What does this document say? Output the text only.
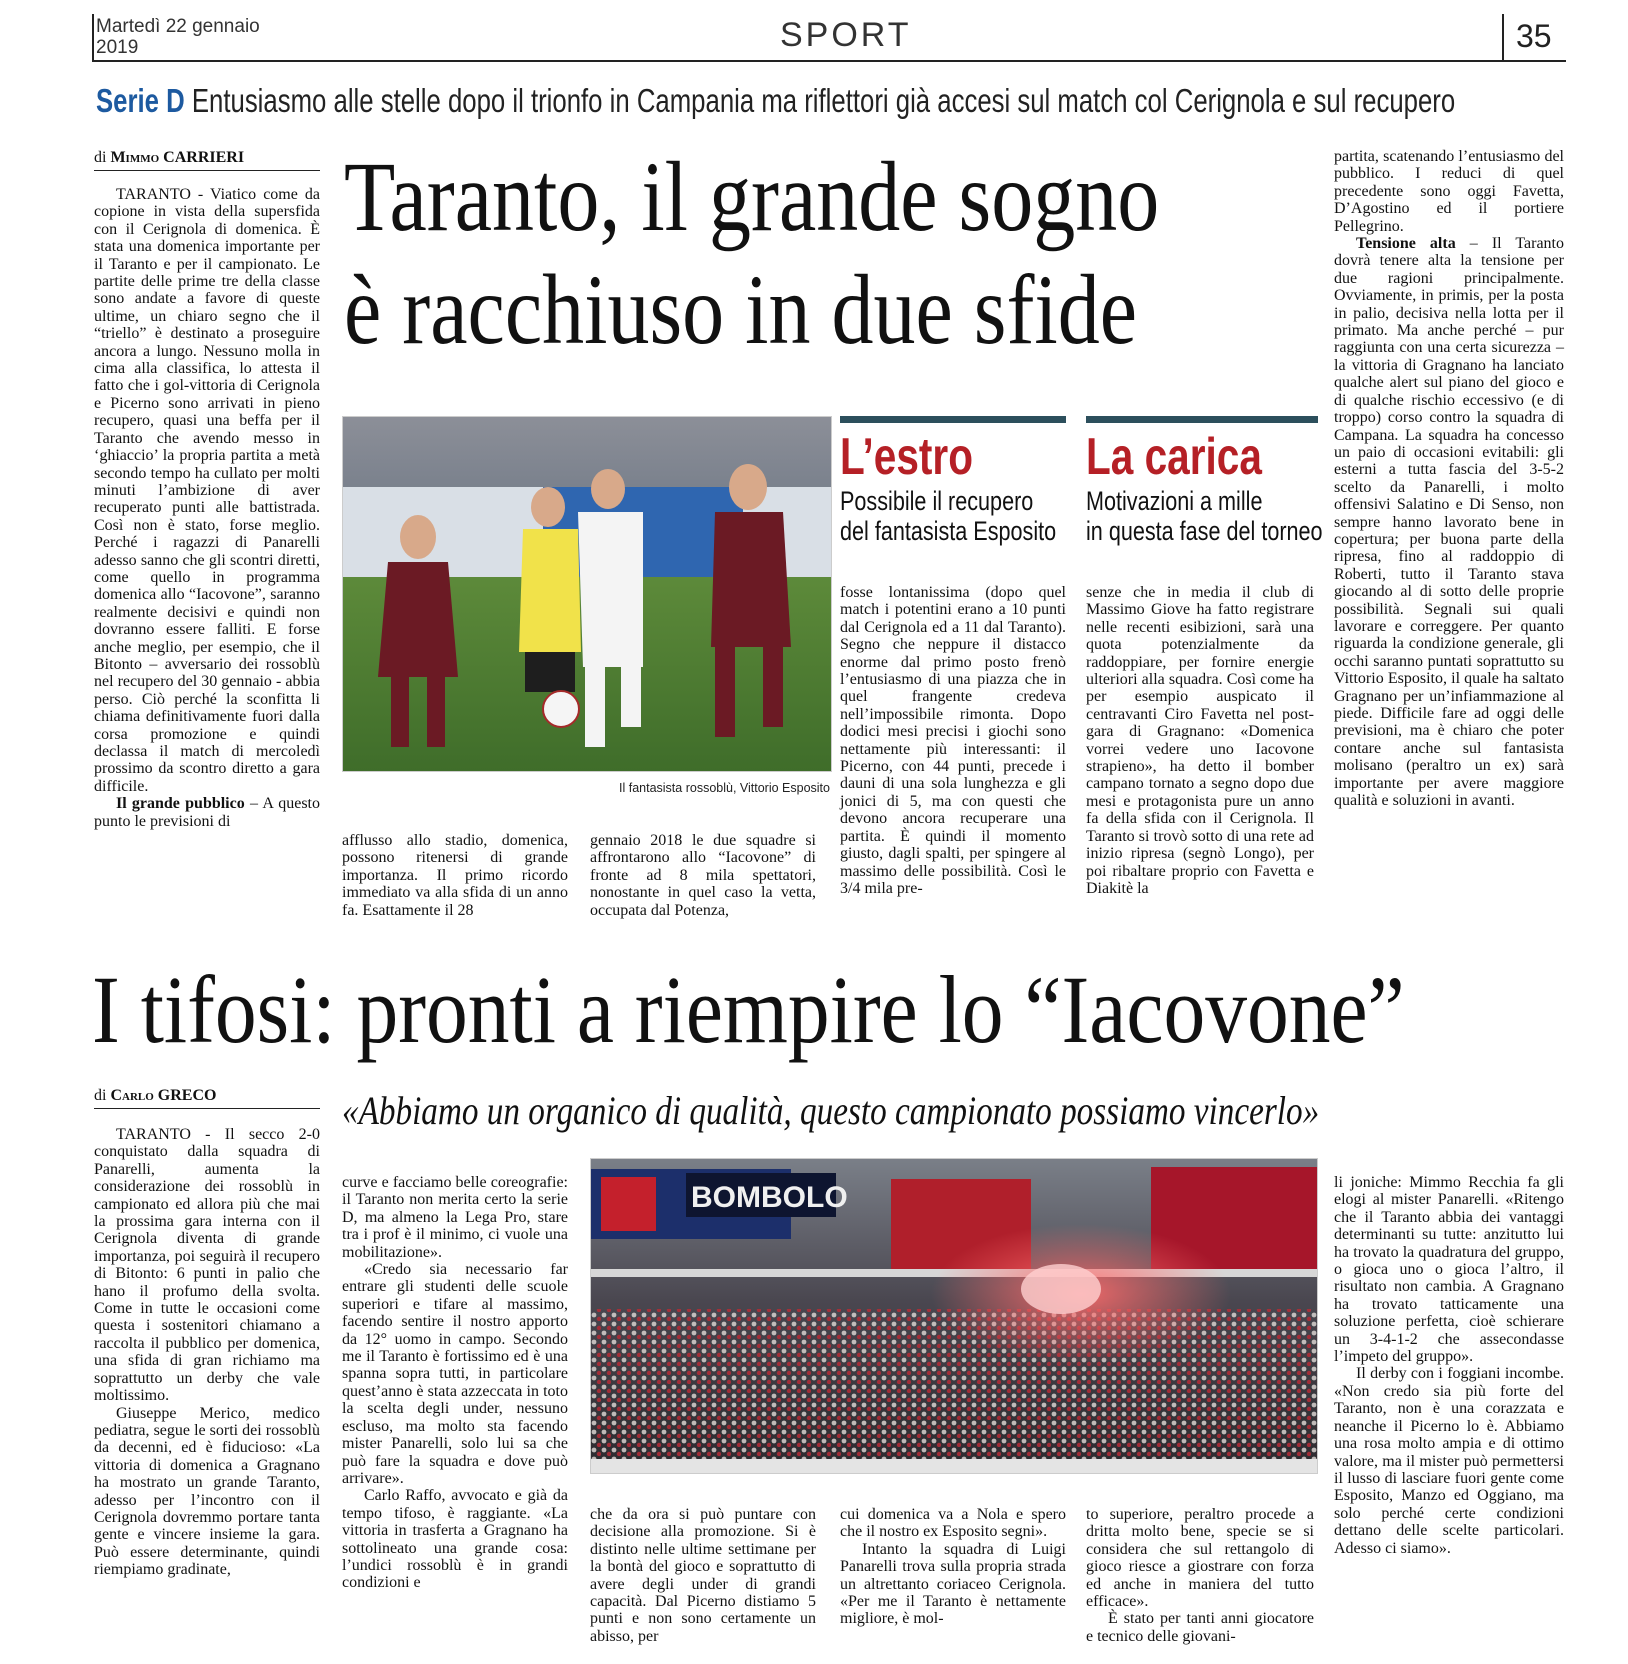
Martedì 22 gennaio 2019	SPORT	35
Serie D Entusiasmo alle stelle dopo il trionfo in Campania ma riflettori già accesi sul match col Cerignola e sul recupero
di Mimmo CARRIERI Taranto, il grande sogno
è racchiuso in due sfide

TARANTO - Viatico come da copione in vista della supersfida con il Cerignola di domenica. È stata una domenica importante per il Taranto e per il campionato. Le partite delle prime tre della classe sono andate a favore di queste ultime, un chiaro segno che il “triello” è destinato a proseguire ancora a lungo. Nessuno molla in cima alla classifica, lo attesta il fatto che i gol-vittoria di Cerignola e Picerno sono arrivati in pieno recupero, quasi una beffa per il Taranto che avendo messo in ‘ghiaccio’ la propria partita a metà secondo tempo ha cullato per molti minuti l’ambizione di aver recuperato punti alle battistrada. Così non è stato, forse meglio. Perché i ragazzi di Panarelli adesso sanno che gli scontri diretti, come quello in programma domenica allo “Iacovone”, saranno realmente decisivi e quindi non dovranno essere falliti. E forse anche meglio, per esempio, che il Bitonto – avversario dei rossoblù nel recupero del 30 gennaio - abbia perso. Ciò perché la sconfitta li chiama definitivamente fuori dalla corsa promozione e quindi declassa il match di mercoledì prossimo da scontro diretto a gara difficile.

Il grande pubblico – A questo punto le previsioni di

Il fantasista rossoblù, Vittorio Esposito
L’estro
Possibile il recupero
del fantasista Esposito
La carica
Motivazioni a mille
in questa fase del torneo

afflusso allo stadio, domenica, possono ritenersi di grande importanza. Il primo ricordo immediato va alla sfida di un anno fa. Esattamente il 28

gennaio 2018 le due squadre si affrontarono allo “Iacovone” di fronte ad 8 mila spettatori, nonostante in quel caso la vetta, occupata dal Potenza,

fosse lontanissima (dopo quel match i potentini erano a 10 punti dal Cerignola ed a 11 dal Taranto). Segno che neppure il distacco enorme dal primo posto frenò l’entusiasmo di una piazza che in quel frangente credeva nell’impossibile rimonta. Dopo dodici mesi precisi i giochi sono nettamente più interessanti: il Picerno, con 44 punti, precede i dauni di una sola lunghezza e gli jonici di 5, ma con questi che devono ancora recuperare una partita. È quindi il momento giusto, dagli spalti, per spingere al massimo delle possibilità. Così le 3/4 mila pre-

senze che in media il club di Massimo Giove ha fatto registrare nelle recenti esibizioni, sarà una quota potenzialmente da raddoppiare, per fornire energie ulteriori alla squadra. Così come ha per esempio auspicato il centravanti Ciro Favetta nel post-gara di Gragnano: «Domenica vorrei vedere uno Iacovone strapieno», ha detto il bomber campano tornato a segno dopo due mesi e protagonista pure un anno fa della sfida con il Cerignola. Il Taranto si trovò sotto di una rete ad inizio ripresa (segnò Longo), per poi ribaltare proprio con Favetta e Diakitè la

partita, scatenando l’entusiasmo del pubblico. I reduci di quel precedente sono oggi Favetta, D’Agostino ed il portiere Pellegrino.

Tensione alta – Il Taranto dovrà tenere alta la tensione per due ragioni principalmente. Ovviamente, in primis, per la posta in palio, decisiva nella lotta per il primato. Ma anche perché – pur raggiunta con una certa sicurezza – la vittoria di Gragnano ha lanciato qualche alert sul piano del gioco e di qualche rischio eccessivo (e di troppo) corso contro la squadra di Campana. La squadra ha concesso un paio di occasioni evitabili: gli esterni a tutta fascia del 3-5-2 scelto da Panarelli, i molto offensivi Salatino e Di Senso, non sempre hanno lavorato bene in copertura; per buona parte della ripresa, fino al raddoppio di Roberti, tutto il Taranto stava giocando al di sotto delle proprie possibilità. Segnali sui quali lavorare e correggere. Per quanto riguarda la condizione generale, gli occhi saranno puntati soprattutto su Vittorio Esposito, il quale ha saltato Gragnano per un’infiammazione al piede. Difficile fare ad oggi delle previsioni, ma è chiaro che poter contare anche sul fantasista molisano (peraltro un ex) sarà importante per avere maggiore qualità e soluzioni in avanti.

I tifosi: pronti a riempire lo “Iacovone”
di Carlo GRECO	«Abbiamo un organico di qualità, questo campionato possiamo vincerlo»

TARANTO - Il secco 2-0 conquistato dalla squadra di Panarelli, aumenta la considerazione dei rossoblù in campionato ed allora più che mai la prossima gara interna con il Cerignola diventa di grande importanza, poi seguirà il recupero di Bitonto: 6 punti in palio che hano il profumo della svolta. Come in tutte le occasioni come questa i sostenitori chiamano a raccolta il pubblico per domenica, una sfida di gran richiamo ma soprattutto un derby che vale moltissimo.

Giuseppe Merico, medico pediatra, segue le sorti dei rossoblù da decenni, ed è fiducioso: «La vittoria di domenica a Gragnano ha mostrato un grande Taranto, adesso per l’incontro con il Cerignola dovremmo portare tanta gente e vincere insieme la gara. Può essere determinante, quindi riempiamo gradinate,

BOMBOLO

curve e facciamo belle coreografie: il Taranto non merita certo la serie D, ma almeno la Lega Pro, stare tra i prof è il minimo, ci vuole una mobilitazione».

«Credo sia necessario far entrare gli studenti delle scuole superiori e tifare al massimo, facendo sentire il nostro apporto da 12° uomo in campo. Secondo me il Taranto è fortissimo ed è una spanna sopra tutti, in particolare quest’anno è stata azzeccata in toto la scelta degli under, nessuno escluso, ma molto sta facendo mister Panarelli, solo lui sa che può fare la squadra e dove può arrivare».

Carlo Raffo, avvocato e già da tempo tifoso, è raggiante. «La vittoria in trasferta a Gragnano ha sottolineato una grande cosa: l’undici rossoblù è in grandi condizioni e

che da ora si può puntare con decisione alla promozione. Si è distinto nelle ultime settimane per la bontà del gioco e soprattutto di avere degli under di grandi capacità. Dal Picerno distiamo 5 punti e non sono certamente un abisso, per

cui domenica va a Nola e spero che il nostro ex Esposito segni».

Intanto la squadra di Luigi Panarelli trova sulla propria strada un altrettanto coriaceo Cerignola. «Per me il Taranto è nettamente migliore, è mol-

to superiore, peraltro procede a dritta molto bene, specie se si considera che sul rettangolo di gioco riesce a giostrare con forza ed anche in maniera del tutto efficace».

È stato per tanti anni giocatore e tecnico delle giovani-

li joniche: Mimmo Recchia fa gli elogi al mister Panarelli. «Ritengo che il Taranto abbia dei vantaggi determinanti su tutte: anzitutto lui ha trovato la quadratura del gruppo, o gioca uno o gioca l’altro, il risultato non cambia. A Gragnano ha trovato tatticamente una soluzione perfetta, cioè schierare un 3-4-1-2 che assecondasse l’impeto del gruppo».

Il derby con i foggiani incombe. «Non credo sia più forte del Taranto, non è una corazzata e neanche il Picerno lo è. Abbiamo una rosa molto ampia e di ottimo valore, ma il mister può permettersi il lusso di lasciare fuori gente come Esposito, Manzo ed Oggiano, ma solo perché certe condizioni dettano delle scelte particolari. Adesso ci siamo».
